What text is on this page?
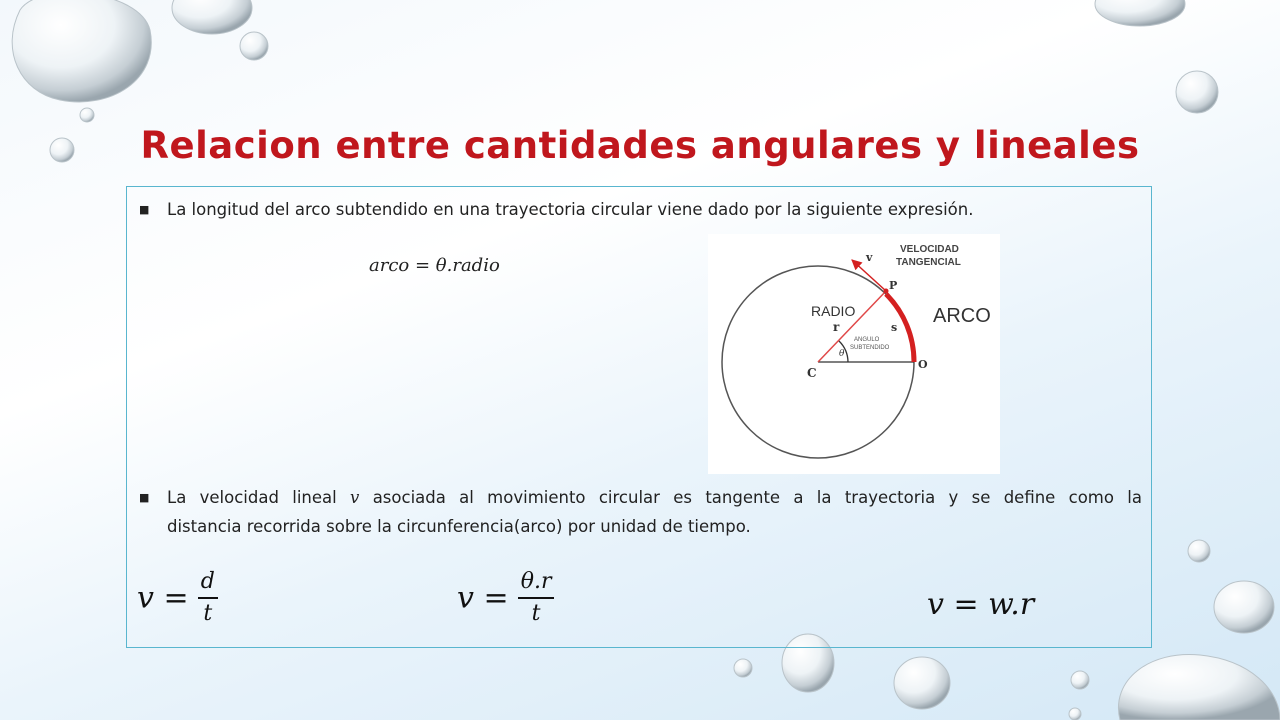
Relacion entre cantidades angulares y lineales
■ La longitud del arco subtendido en una trayectoria circular viene dado por la siguiente expresión.
arco = θ.radio
VELOCIDAD
TANGENCIAL
v
P
RADIO
r	s
ARCO
ANGULO
SUBTENDIDO
θ
C
O
■ La velocidad lineal v asociada al movimiento circular es tangente a la trayectoria y se define como la
distancia recorrida sobre la circunferencia(arco) por unidad de tiempo.
$v = \frac{d}{t}$	$v = \frac{\theta.r}{t}$	v = w.r
